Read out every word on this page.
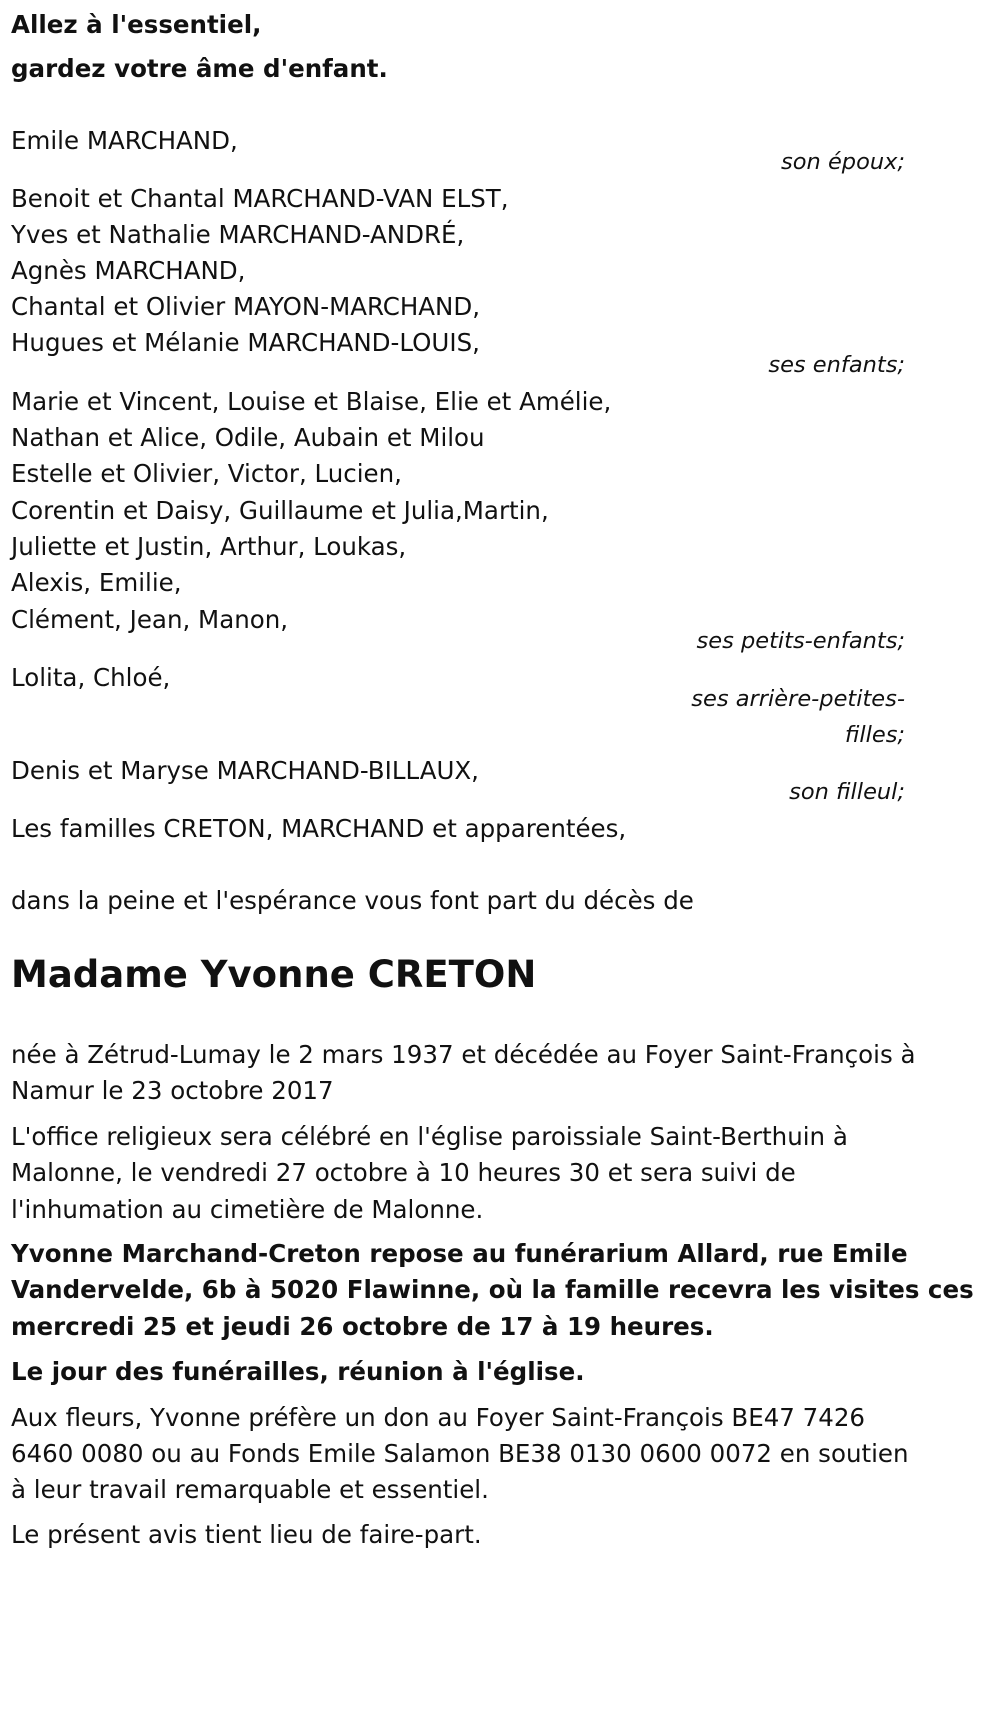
Allez à l'essentiel,

gardez votre âme d'enfant.

Emile MARCHAND,

son époux;

Benoit et Chantal MARCHAND-VAN ELST,

Yves et Nathalie MARCHAND-ANDRÉ,

Agnès MARCHAND,

Chantal et Olivier MAYON-MARCHAND,

Hugues et Mélanie MARCHAND-LOUIS,

ses enfants;

Marie et Vincent, Louise et Blaise, Elie et Amélie,

Nathan et Alice, Odile, Aubain et Milou

Estelle et Olivier, Victor, Lucien,

Corentin et Daisy, Guillaume et Julia,Martin,

Juliette et Justin, Arthur, Loukas,

Alexis, Emilie,

Clément, Jean, Manon,

ses petits-enfants;

Lolita, Chloé,

ses arrière-petites-

filles;

Denis et Maryse MARCHAND-BILLAUX,

son filleul;

Les familles CRETON, MARCHAND et apparentées,

dans la peine et l'espérance vous font part du décès de

Madame Yvonne CRETON

née à Zétrud-Lumay le 2 mars 1937 et décédée au Foyer Saint-François à

Namur le 23 octobre 2017

L'office religieux sera célébré en l'église paroissiale Saint-Berthuin à

Malonne, le vendredi 27 octobre à 10 heures 30 et sera suivi de

l'inhumation au cimetière de Malonne.

Yvonne Marchand-Creton repose au funérarium Allard, rue Emile

Vandervelde, 6b à 5020 Flawinne, où la famille recevra les visites ces

mercredi 25 et jeudi 26 octobre de 17 à 19 heures.

Le jour des funérailles, réunion à l'église.

Aux fleurs, Yvonne préfère un don au Foyer Saint-François BE47 7426

6460 0080 ou au Fonds Emile Salamon BE38 0130 0600 0072 en soutien

à leur travail remarquable et essentiel.

Le présent avis tient lieu de faire-part.
